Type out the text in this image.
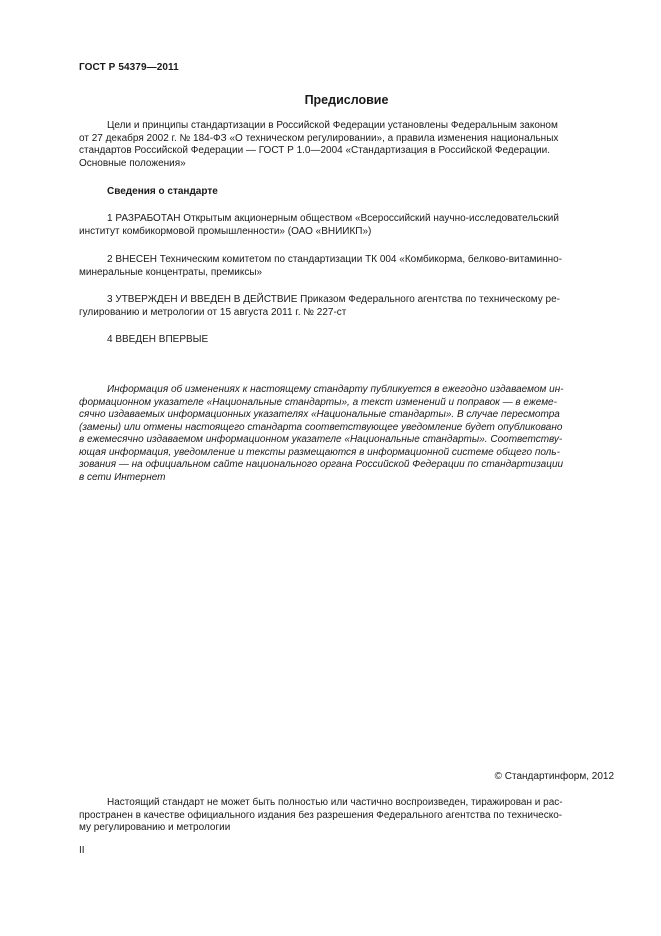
ГОСТ Р 54379—2011
Предисловие
Цели и принципы стандартизации в Российской Федерации установлены Федеральным законом
от 27 декабря 2002 г. № 184-ФЗ «О техническом регулировании», а правила изменения национальных
стандартов Российской Федерации — ГОСТ Р 1.0—2004 «Стандартизация в Российской Федерации.
Основные положения»
Сведения о стандарте
1 РАЗРАБОТАН Открытым акционерным обществом «Всероссийский научно-исследовательский
институт комбикормовой промышленности» (ОАО «ВНИИКП»)
2 ВНЕСЕН Техническим комитетом по стандартизации ТК 004 «Комбикорма, белково-витаминно-
минеральные концентраты, премиксы»
3 УТВЕРЖДЕН И ВВЕДЕН В ДЕЙСТВИЕ Приказом Федерального агентства по техническому ре-
гулированию и метрологии от 15 августа 2011 г. № 227-ст
4 ВВЕДЕН ВПЕРВЫЕ
Информация об изменениях к настоящему стандарту публикуется в ежегодно издаваемом ин-
формационном указателе «Национальные стандарты», а текст изменений и поправок — в ежеме-
сячно издаваемых информационных указателях «Национальные стандарты». В случае пересмотра
(замены) или отмены настоящего стандарта соответствующее уведомление будет опубликовано
в ежемесячно издаваемом информационном указателе «Национальные стандарты». Соответству-
ющая информация, уведомление и тексты размещаются в информационной системе общего поль-
зования — на официальном сайте национального органа Российской Федерации по стандартизации
в сети Интернет
© Стандартинформ, 2012
Настоящий стандарт не может быть полностью или частично воспроизведен, тиражирован и рас-
пространен в качестве официального издания без разрешения Федерального агентства по техническо-
му регулированию и метрологии
II
